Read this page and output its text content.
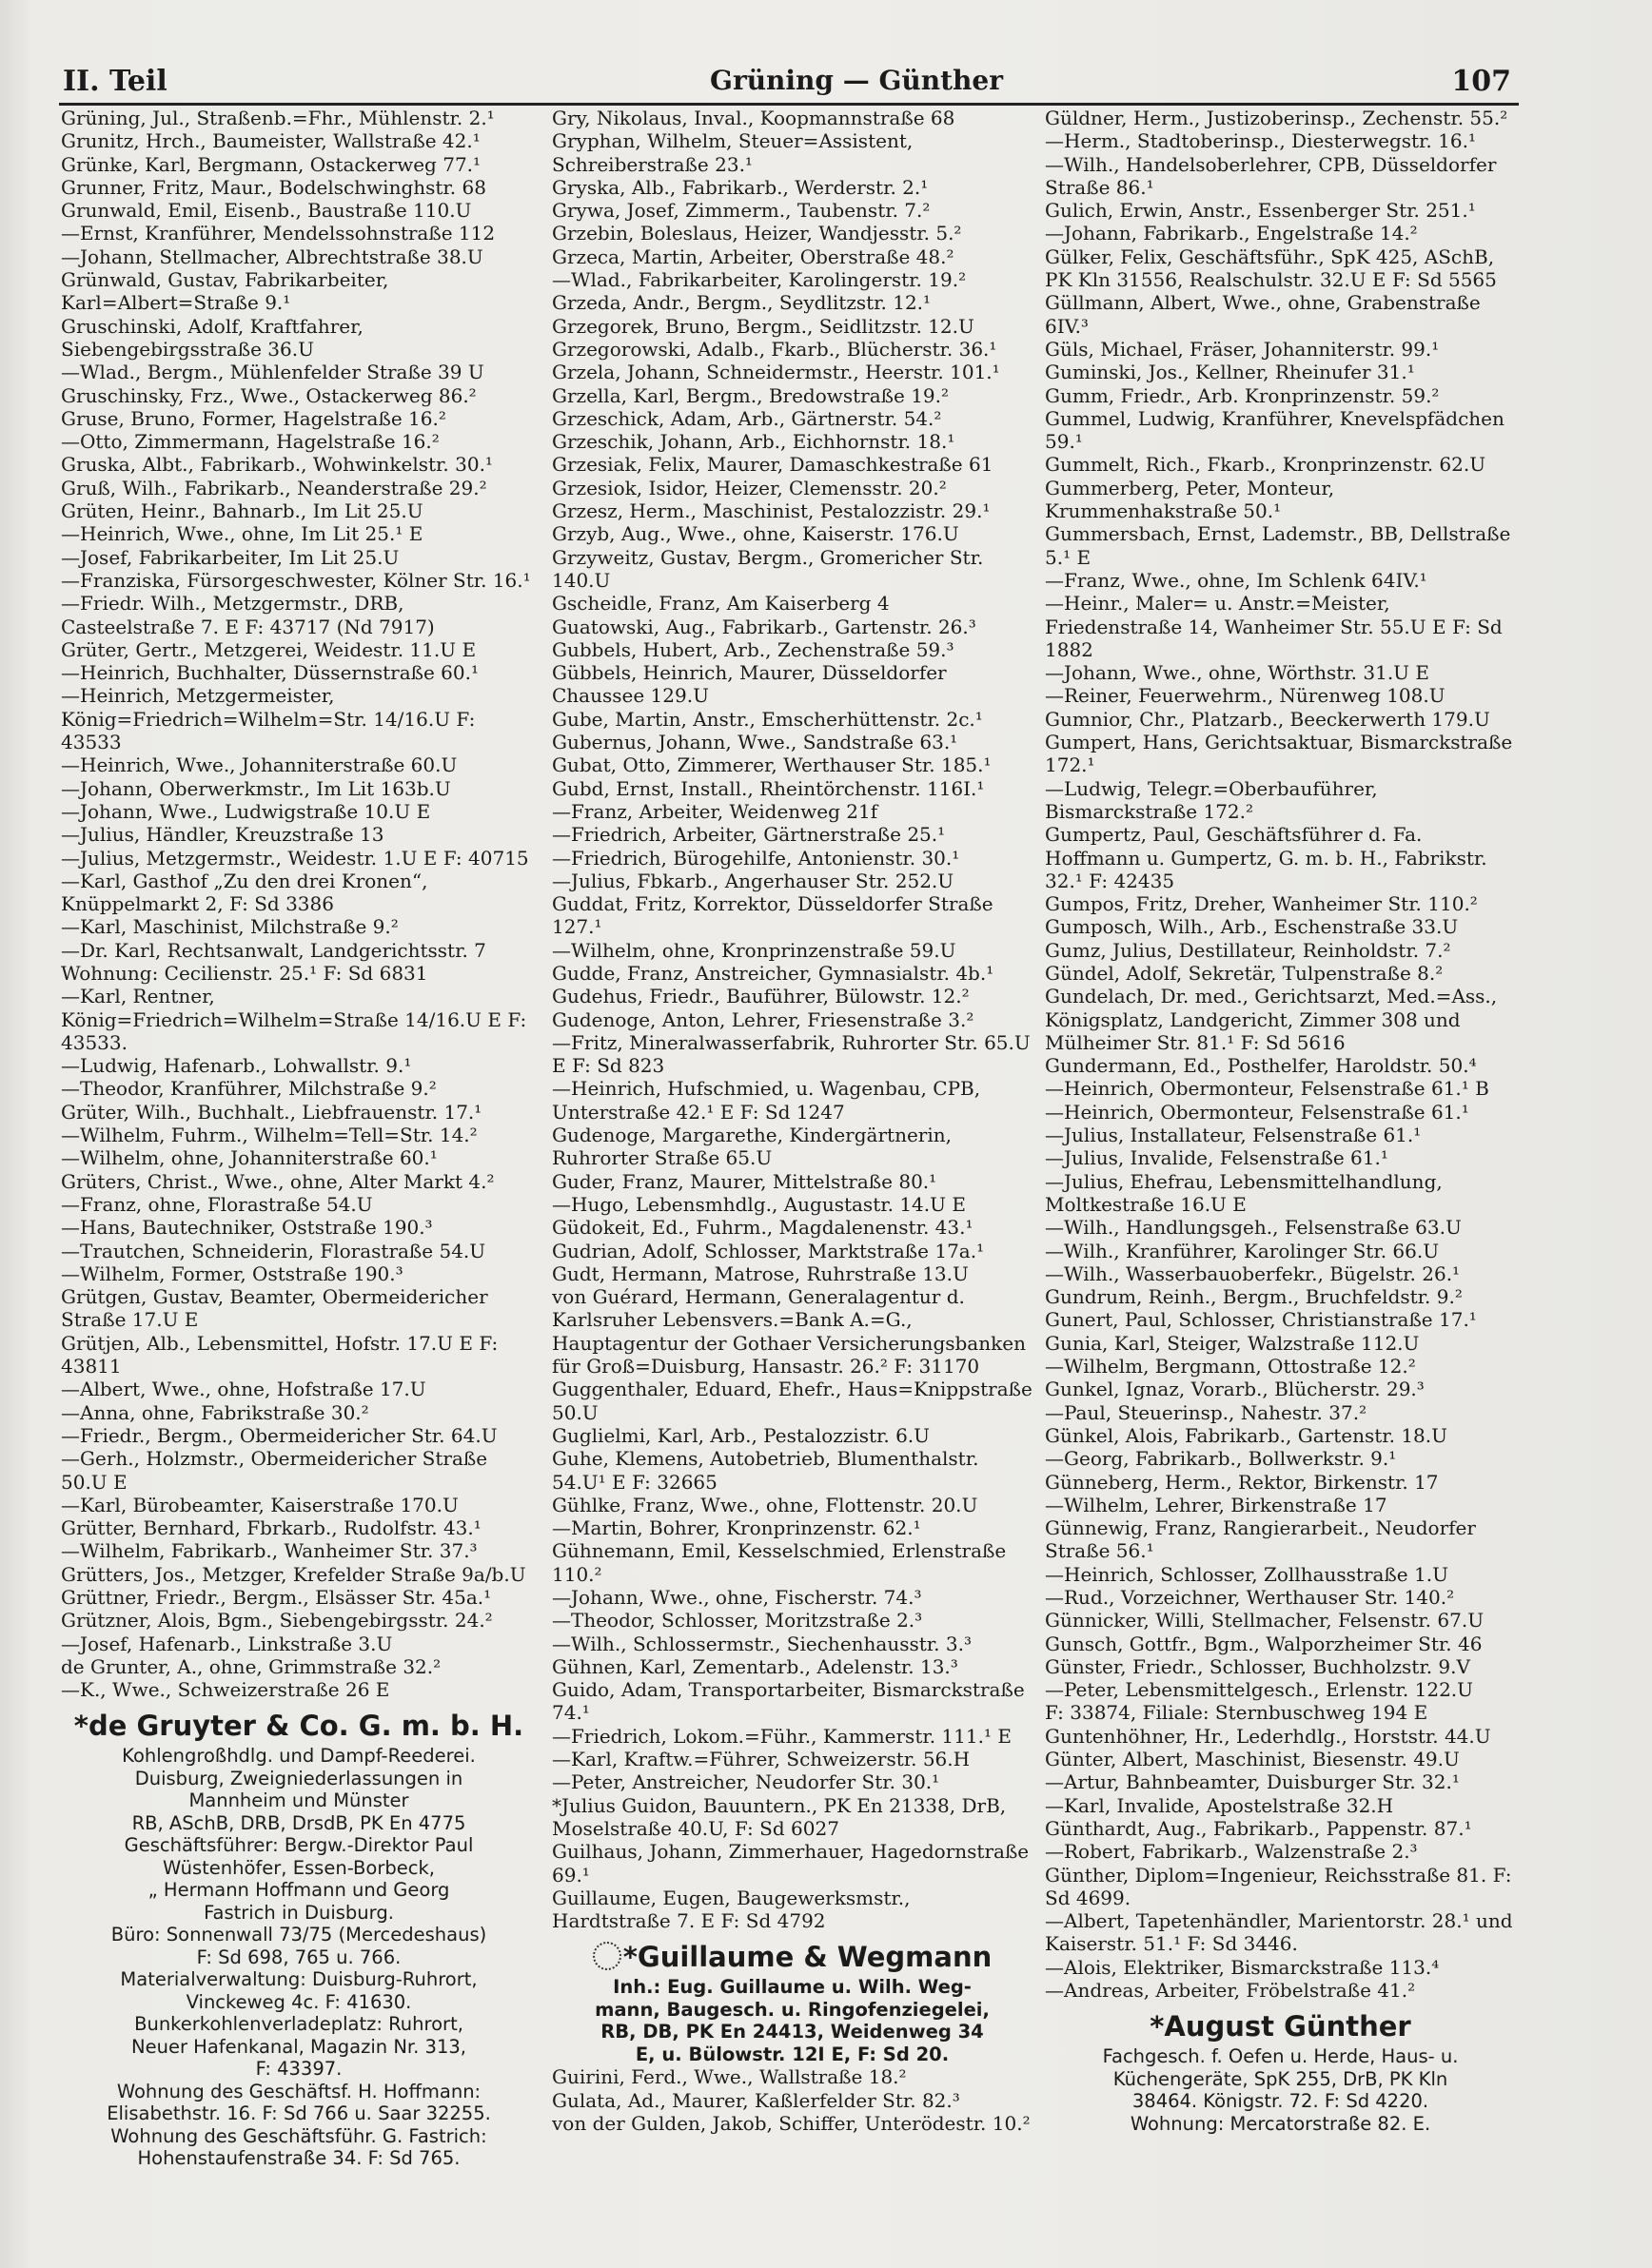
II. Teil	Grüning — Günther	107
Grüning, Jul., Straßenb.=Fhr., Mühlenstr. 2.¹
Grunitz, Hrch., Baumeister, Wallstraße 42.¹
Grünke, Karl, Bergmann, Ostackerweg 77.¹
Grunner, Fritz, Maur., Bodelschwinghstr. 68
Grunwald, Emil, Eisenb., Baustraße 110.U
—Ernst, Kranführer, Mendelssohnstraße 112
—Johann, Stellmacher, Albrechtstraße 38.U
Grünwald, Gustav, Fabrikarbeiter, Karl=Albert=Straße 9.¹
Gruschinski, Adolf, Kraftfahrer, Siebengebirgsstraße 36.U
—Wlad., Bergm., Mühlenfelder Straße 39 U
Gruschinsky, Frz., Wwe., Ostackerweg 86.²
Gruse, Bruno, Former, Hagelstraße 16.²
—Otto, Zimmermann, Hagelstraße 16.²
Gruska, Albt., Fabrikarb., Wohwinkelstr. 30.¹
Gruß, Wilh., Fabrikarb., Neanderstraße 29.²
Grüten, Heinr., Bahnarb., Im Lit 25.U
—Heinrich, Wwe., ohne, Im Lit 25.¹ E
—Josef, Fabrikarbeiter, Im Lit 25.U
—Franziska, Fürsorgeschwester, Kölner Str. 16.¹
—Friedr. Wilh., Metzgermstr., DRB, Casteelstraße 7. E F: 43717 (Nd 7917)
Grüter, Gertr., Metzgerei, Weidestr. 11.U E
—Heinrich, Buchhalter, Düssernstraße 60.¹
—Heinrich, Metzgermeister, König=Friedrich=Wilhelm=Str. 14/16.U F: 43533
—Heinrich, Wwe., Johanniterstraße 60.U
—Johann, Oberwerkmstr., Im Lit 163b.U
—Johann, Wwe., Ludwigstraße 10.U E
—Julius, Händler, Kreuzstraße 13
—Julius, Metzgermstr., Weidestr. 1.U E F: 40715
—Karl, Gasthof „Zu den drei Kronen“, Knüppelmarkt 2, F: Sd 3386
—Karl, Maschinist, Milchstraße 9.²
—Dr. Karl, Rechtsanwalt, Landgerichtsstr. 7 Wohnung: Cecilienstr. 25.¹ F: Sd 6831
—Karl, Rentner, König=Friedrich=Wilhelm=Straße 14/16.U E F: 43533.
—Ludwig, Hafenarb., Lohwallstr. 9.¹
—Theodor, Kranführer, Milchstraße 9.²
Grüter, Wilh., Buchhalt., Liebfrauenstr. 17.¹
—Wilhelm, Fuhrm., Wilhelm=Tell=Str. 14.²
—Wilhelm, ohne, Johanniterstraße 60.¹
Grüters, Christ., Wwe., ohne, Alter Markt 4.²
—Franz, ohne, Florastraße 54.U
—Hans, Bautechniker, Oststraße 190.³
—Trautchen, Schneiderin, Florastraße 54.U
—Wilhelm, Former, Oststraße 190.³
Grütgen, Gustav, Beamter, Obermeidericher Straße 17.U E
Grütjen, Alb., Lebensmittel, Hofstr. 17.U E F: 43811
—Albert, Wwe., ohne, Hofstraße 17.U
—Anna, ohne, Fabrikstraße 30.²
—Friedr., Bergm., Obermeidericher Str. 64.U
—Gerh., Holzmstr., Obermeidericher Straße 50.U E
—Karl, Bürobeamter, Kaiserstraße 170.U
Grütter, Bernhard, Fbrkarb., Rudolfstr. 43.¹
—Wilhelm, Fabrikarb., Wanheimer Str. 37.³
Grütters, Jos., Metzger, Krefelder Straße 9a/b.U
Grüttner, Friedr., Bergm., Elsässer Str. 45a.¹
Grützner, Alois, Bgm., Siebengebirgsstr. 24.²
—Josef, Hafenarb., Linkstraße 3.U
de Grunter, A., ohne, Grimmstraße 32.²
—K., Wwe., Schweizerstraße 26 E
*de Gruyter & Co. G. m. b. H.
Kohlengroßhdlg. und Dampf-Reederei.
Duisburg, Zweigniederlassungen in
Mannheim und Münster
RB, ASchB, DRB, DrsdB, PK En 4775
Geschäftsführer: Bergw.-Direktor Paul
Wüstenhöfer, Essen-Borbeck,
„ Hermann Hoffmann und Georg
Fastrich in Duisburg.
Büro: Sonnenwall 73/75 (Mercedeshaus)
F: Sd 698, 765 u. 766.
Materialverwaltung: Duisburg-Ruhrort,
Vinckeweg 4c. F: 41630.
Bunkerkohlenverladeplatz: Ruhrort,
Neuer Hafenkanal, Magazin Nr. 313,
F: 43397.
Wohnung des Geschäftsf. H. Hoffmann:
Elisabethstr. 16. F: Sd 766 u. Saar 32255.
Wohnung des Geschäftsführ. G. Fastrich:
Hohenstaufenstraße 34. F: Sd 765.
Gry, Nikolaus, Inval., Koopmannstraße 68
Gryphan, Wilhelm, Steuer=Assistent, Schreiberstraße 23.¹
Gryska, Alb., Fabrikarb., Werderstr. 2.¹
Grywa, Josef, Zimmerm., Taubenstr. 7.²
Grzebin, Boleslaus, Heizer, Wandjesstr. 5.²
Grzeca, Martin, Arbeiter, Oberstraße 48.²
—Wlad., Fabrikarbeiter, Karolingerstr. 19.²
Grzeda, Andr., Bergm., Seydlitzstr. 12.¹
Grzegorek, Bruno, Bergm., Seidlitzstr. 12.U
Grzegorowski, Adalb., Fkarb., Blücherstr. 36.¹
Grzela, Johann, Schneidermstr., Heerstr. 101.¹
Grzella, Karl, Bergm., Bredowstraße 19.²
Grzeschick, Adam, Arb., Gärtnerstr. 54.²
Grzeschik, Johann, Arb., Eichhornstr. 18.¹
Grzesiak, Felix, Maurer, Damaschkestraße 61
Grzesiok, Isidor, Heizer, Clemensstr. 20.²
Grzesz, Herm., Maschinist, Pestalozzistr. 29.¹
Grzyb, Aug., Wwe., ohne, Kaiserstr. 176.U
Grzyweitz, Gustav, Bergm., Gromericher Str. 140.U
Gscheidle, Franz, Am Kaiserberg 4
Guatowski, Aug., Fabrikarb., Gartenstr. 26.³
Gubbels, Hubert, Arb., Zechenstraße 59.³
Gübbels, Heinrich, Maurer, Düsseldorfer Chaussee 129.U
Gube, Martin, Anstr., Emscherhüttenstr. 2c.¹
Gubernus, Johann, Wwe., Sandstraße 63.¹
Gubat, Otto, Zimmerer, Werthauser Str. 185.¹
Gubd, Ernst, Install., Rheintörchenstr. 116I.¹
—Franz, Arbeiter, Weidenweg 21f
—Friedrich, Arbeiter, Gärtnerstraße 25.¹
—Friedrich, Bürogehilfe, Antonienstr. 30.¹
—Julius, Fbkarb., Angerhauser Str. 252.U
Guddat, Fritz, Korrektor, Düsseldorfer Straße 127.¹
—Wilhelm, ohne, Kronprinzenstraße 59.U
Gudde, Franz, Anstreicher, Gymnasialstr. 4b.¹
Gudehus, Friedr., Bauführer, Bülowstr. 12.²
Gudenoge, Anton, Lehrer, Friesenstraße 3.²
—Fritz, Mineralwasserfabrik, Ruhrorter Str. 65.U E F: Sd 823
—Heinrich, Hufschmied, u. Wagenbau, CPB, Unterstraße 42.¹ E F: Sd 1247
Gudenoge, Margarethe, Kindergärtnerin, Ruhrorter Straße 65.U
Guder, Franz, Maurer, Mittelstraße 80.¹
—Hugo, Lebensmhdlg., Augustastr. 14.U E
Güdokeit, Ed., Fuhrm., Magdalenenstr. 43.¹
Gudrian, Adolf, Schlosser, Marktstraße 17a.¹
Gudt, Hermann, Matrose, Ruhrstraße 13.U
von Guérard, Hermann, Generalagentur d. Karlsruher Lebensvers.=Bank A.=G., Hauptagentur der Gothaer Versicherungsbanken für Groß=Duisburg, Hansastr. 26.² F: 31170
Guggenthaler, Eduard, Ehefr., Haus=Knippstraße 50.U
Guglielmi, Karl, Arb., Pestalozzistr. 6.U
Guhe, Klemens, Autobetrieb, Blumenthalstr. 54.U¹ E F: 32665
Gühlke, Franz, Wwe., ohne, Flottenstr. 20.U
—Martin, Bohrer, Kronprinzenstr. 62.¹
Gühnemann, Emil, Kesselschmied, Erlenstraße 110.²
—Johann, Wwe., ohne, Fischerstr. 74.³
—Theodor, Schlosser, Moritzstraße 2.³
—Wilh., Schlossermstr., Siechenhausstr. 3.³
Gühnen, Karl, Zementarb., Adelenstr. 13.³
Guido, Adam, Transportarbeiter, Bismarckstraße 74.¹
—Friedrich, Lokom.=Führ., Kammerstr. 111.¹ E
—Karl, Kraftw.=Führer, Schweizerstr. 56.H
—Peter, Anstreicher, Neudorfer Str. 30.¹
*Julius Guidon, Bauuntern., PK En 21338, DrB, Moselstraße 40.U, F: Sd 6027
Guilhaus, Johann, Zimmerhauer, Hagedornstraße 69.¹
Guillaume, Eugen, Baugewerksmstr., Hardtstraße 7. E F: Sd 4792
*Guillaume & Wegmann
Inh.: Eug. Guillaume u. Wilh. Weg-
mann, Baugesch. u. Ringofenziegelei,
RB, DB, PK En 24413, Weidenweg 34
E, u. Bülowstr. 12I E, F: Sd 20.
Guirini, Ferd., Wwe., Wallstraße 18.²
Gulata, Ad., Maurer, Kaßlerfelder Str. 82.³
von der Gulden, Jakob, Schiffer, Unterödestr. 10.²
Güldner, Herm., Justizoberinsp., Zechenstr. 55.²
—Herm., Stadtoberinsp., Diesterwegstr. 16.¹
—Wilh., Handelsoberlehrer, CPB, Düsseldorfer Straße 86.¹
Gulich, Erwin, Anstr., Essenberger Str. 251.¹
—Johann, Fabrikarb., Engelstraße 14.²
Gülker, Felix, Geschäftsführ., SpK 425, ASchB, PK Kln 31556, Realschulstr. 32.U E F: Sd 5565
Güllmann, Albert, Wwe., ohne, Grabenstraße 6IV.³
Güls, Michael, Fräser, Johanniterstr. 99.¹
Guminski, Jos., Kellner, Rheinufer 31.¹
Gumm, Friedr., Arb. Kronprinzenstr. 59.²
Gummel, Ludwig, Kranführer, Knevelspfädchen 59.¹
Gummelt, Rich., Fkarb., Kronprinzenstr. 62.U
Gummerberg, Peter, Monteur, Krummenhakstraße 50.¹
Gummersbach, Ernst, Lademstr., BB, Dellstraße 5.¹ E
—Franz, Wwe., ohne, Im Schlenk 64IV.¹
—Heinr., Maler= u. Anstr.=Meister, Friedenstraße 14, Wanheimer Str. 55.U E F: Sd 1882
—Johann, Wwe., ohne, Wörthstr. 31.U E
—Reiner, Feuerwehrm., Nürenweg 108.U
Gumnior, Chr., Platzarb., Beeckerwerth 179.U
Gumpert, Hans, Gerichtsaktuar, Bismarckstraße 172.¹
—Ludwig, Telegr.=Oberbauführer, Bismarckstraße 172.²
Gumpertz, Paul, Geschäftsführer d. Fa. Hoffmann u. Gumpertz, G. m. b. H., Fabrikstr. 32.¹ F: 42435
Gumpos, Fritz, Dreher, Wanheimer Str. 110.²
Gumposch, Wilh., Arb., Eschenstraße 33.U
Gumz, Julius, Destillateur, Reinholdstr. 7.²
Gündel, Adolf, Sekretär, Tulpenstraße 8.²
Gundelach, Dr. med., Gerichtsarzt, Med.=Ass., Königsplatz, Landgericht, Zimmer 308 und Mülheimer Str. 81.¹ F: Sd 5616
Gundermann, Ed., Posthelfer, Haroldstr. 50.⁴
—Heinrich, Obermonteur, Felsenstraße 61.¹ B
—Heinrich, Obermonteur, Felsenstraße 61.¹
—Julius, Installateur, Felsenstraße 61.¹
—Julius, Invalide, Felsenstraße 61.¹
—Julius, Ehefrau, Lebensmittelhandlung, Moltkestraße 16.U E
—Wilh., Handlungsgeh., Felsenstraße 63.U
—Wilh., Kranführer, Karolinger Str. 66.U
—Wilh., Wasserbauoberfekr., Bügelstr. 26.¹
Gundrum, Reinh., Bergm., Bruchfeldstr. 9.²
Gunert, Paul, Schlosser, Christianstraße 17.¹
Gunia, Karl, Steiger, Walzstraße 112.U
—Wilhelm, Bergmann, Ottostraße 12.²
Gunkel, Ignaz, Vorarb., Blücherstr. 29.³
—Paul, Steuerinsp., Nahestr. 37.²
Günkel, Alois, Fabrikarb., Gartenstr. 18.U
—Georg, Fabrikarb., Bollwerkstr. 9.¹
Günneberg, Herm., Rektor, Birkenstr. 17
—Wilhelm, Lehrer, Birkenstraße 17
Günnewig, Franz, Rangierarbeit., Neudorfer Straße 56.¹
—Heinrich, Schlosser, Zollhausstraße 1.U
—Rud., Vorzeichner, Werthauser Str. 140.²
Günnicker, Willi, Stellmacher, Felsenstr. 67.U
Gunsch, Gottfr., Bgm., Walporzheimer Str. 46
Günster, Friedr., Schlosser, Buchholzstr. 9.V
—Peter, Lebensmittelgesch., Erlenstr. 122.U
F: 33874, Filiale: Sternbuschweg 194 E
Guntenhöhner, Hr., Lederhdlg., Horststr. 44.U
Günter, Albert, Maschinist, Biesenstr. 49.U
—Artur, Bahnbeamter, Duisburger Str. 32.¹
—Karl, Invalide, Apostelstraße 32.H
Günthardt, Aug., Fabrikarb., Pappenstr. 87.¹
—Robert, Fabrikarb., Walzenstraße 2.³
Günther, Diplom=Ingenieur, Reichsstraße 81. F: Sd 4699.
—Albert, Tapetenhändler, Marientorstr. 28.¹ und Kaiserstr. 51.¹ F: Sd 3446.
—Alois, Elektriker, Bismarckstraße 113.⁴
—Andreas, Arbeiter, Fröbelstraße 41.²
*August Günther
Fachgesch. f. Oefen u. Herde, Haus- u.
Küchengeräte, SpK 255, DrB, PK Kln
38464. Königstr. 72. F: Sd 4220.
Wohnung: Mercatorstraße 82. E.
